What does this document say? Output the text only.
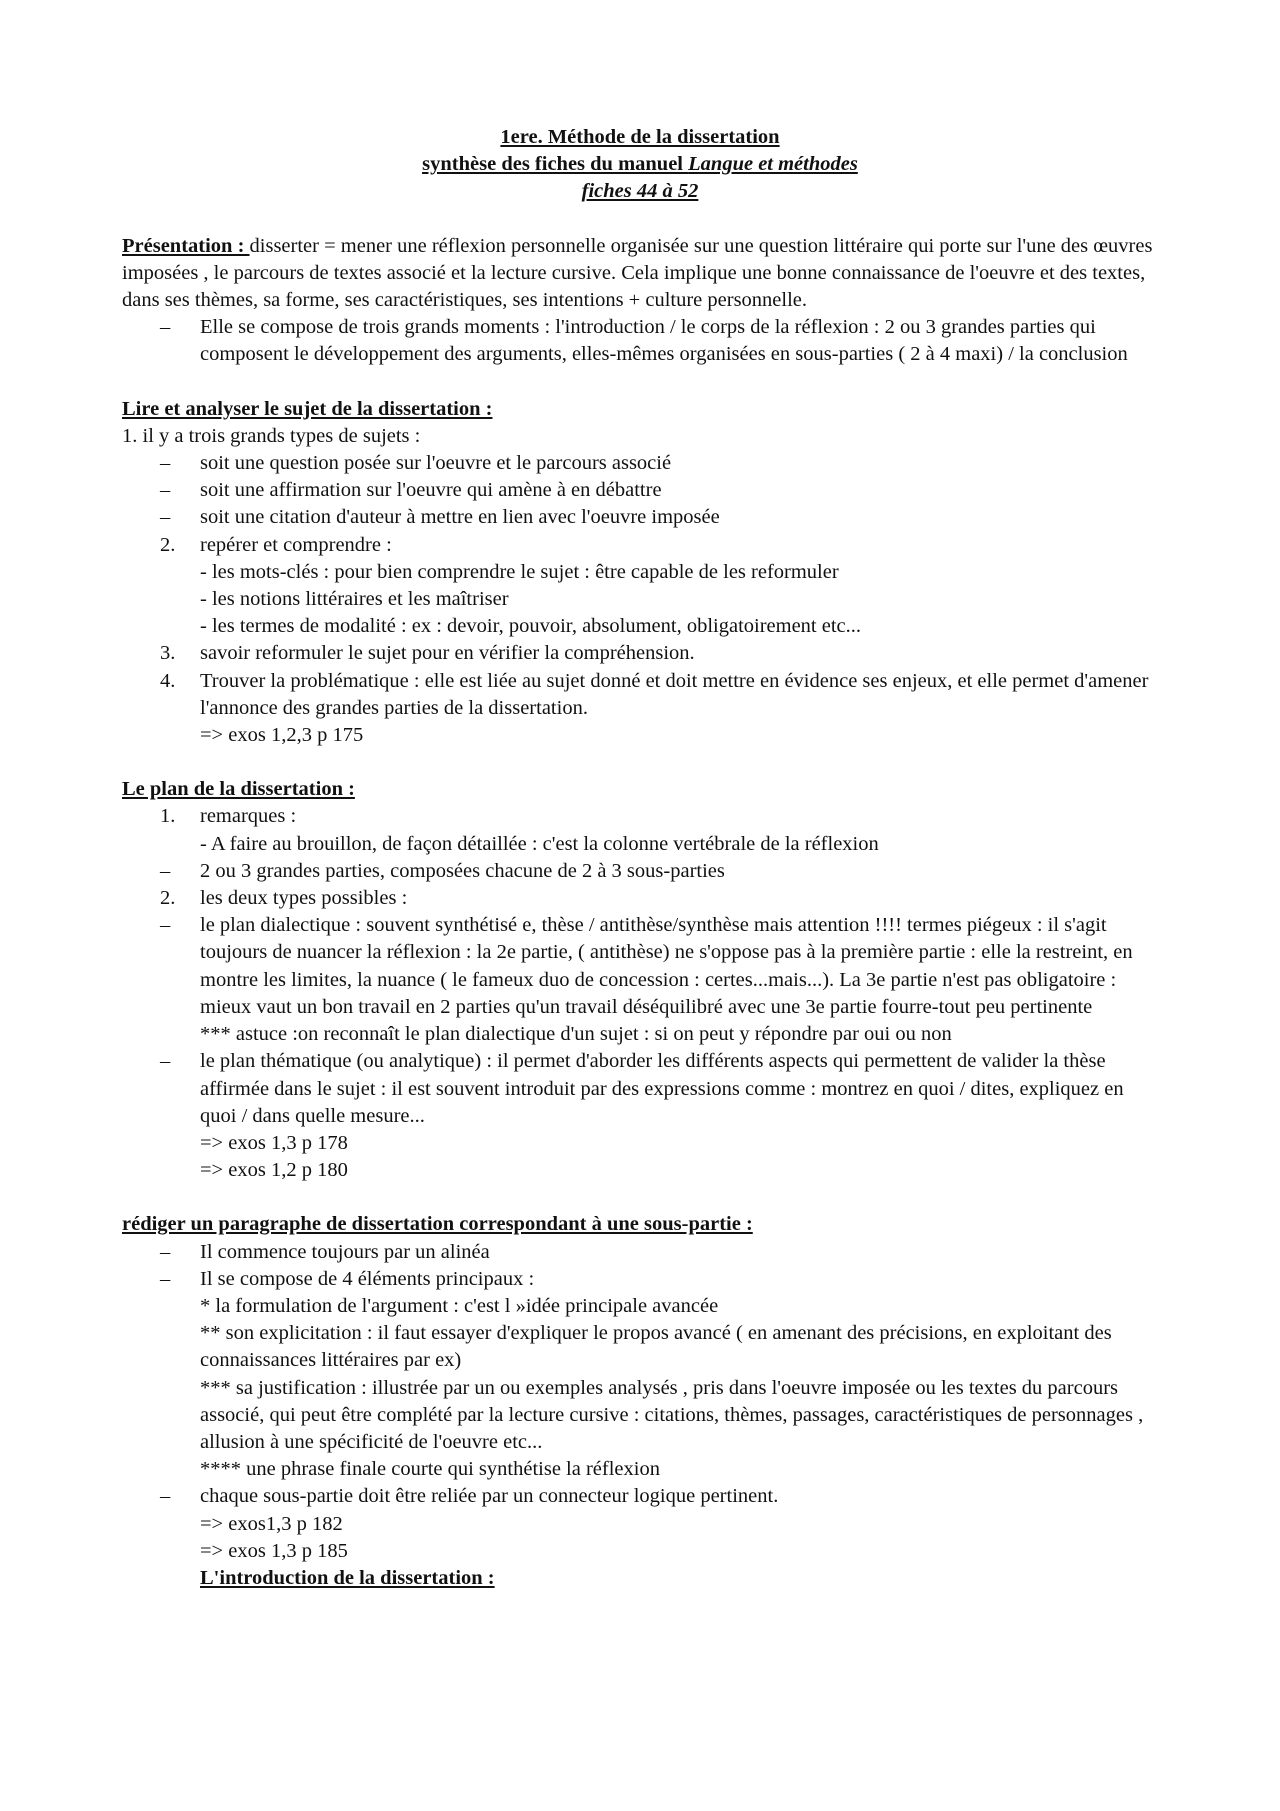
1ere. Méthode de la dissertation
synthèse des fiches du manuel Langue et méthodes
fiches 44 à 52

Présentation : disserter = mener une réflexion personnelle organisée sur une question littéraire qui porte sur l'une des œuvres imposées , le parcours de textes associé et la lecture cursive. Cela implique une bonne connaissance de l'oeuvre et des textes, dans ses thèmes, sa forme, ses caractéristiques, ses intentions + culture personnelle.

– Elle se compose de trois grands moments : l'introduction / le corps de la réflexion : 2 ou 3 grandes parties qui composent le développement des arguments, elles-mêmes organisées en sous-parties ( 2 à 4 maxi) / la conclusion

Lire et analyser le sujet de la dissertation :

1. il y a trois grands types de sujets :

– soit une question posée sur l'oeuvre et le parcours associé
– soit une affirmation sur l'oeuvre qui amène à en débattre
– soit une citation d'auteur à mettre en lien avec l'oeuvre imposée
2. repérer et comprendre :

- les mots-clés : pour bien comprendre le sujet : être capable de les reformuler

- les notions littéraires et les maîtriser

- les termes de modalité : ex : devoir, pouvoir, absolument, obligatoirement etc...

3. savoir reformuler le sujet pour en vérifier la compréhension.
4. Trouver la problématique : elle est liée au sujet donné et doit mettre en évidence ses enjeux, et elle permet d'amener l'annonce des grandes parties de la dissertation.

=> exos 1,2,3 p 175

Le plan de la dissertation :

1. remarques :

- A faire au brouillon, de façon détaillée : c'est la colonne vertébrale de la réflexion

– 2 ou 3 grandes parties, composées chacune de 2 à 3 sous-parties
2. les deux types possibles :
– le plan dialectique : souvent synthétisé e, thèse / antithèse/synthèse mais attention !!!! termes piégeux : il s'agit toujours de nuancer la réflexion : la 2e partie, ( antithèse) ne s'oppose pas à la première partie : elle la restreint, en montre les limites, la nuance ( le fameux duo de concession : certes...mais...). La 3e partie n'est pas obligatoire : mieux vaut un bon travail en 2 parties qu'un travail déséquilibré avec une 3e partie fourre-tout peu pertinente

*** astuce :on reconnaît le plan dialectique d'un sujet : si on peut y répondre par oui ou non

– le plan thématique (ou analytique) : il permet d'aborder les différents aspects qui permettent de valider la thèse affirmée dans le sujet : il est souvent introduit par des expressions comme : montrez en quoi / dites, expliquez en quoi / dans quelle mesure...

=> exos 1,3 p 178

=> exos 1,2 p 180

rédiger un paragraphe de dissertation correspondant à une sous-partie :

– Il commence toujours par un alinéa
– Il se compose de 4 éléments principaux :

* la formulation de l'argument : c'est l »idée principale avancée

** son explicitation : il faut essayer d'expliquer le propos avancé ( en amenant des précisions, en exploitant des connaissances littéraires par ex)

*** sa justification : illustrée par un ou exemples analysés , pris dans l'oeuvre imposée ou les textes du parcours associé, qui peut être complété par la lecture cursive : citations, thèmes, passages, caractéristiques de personnages , allusion à une spécificité de l'oeuvre etc...

**** une phrase finale courte qui synthétise la réflexion

– chaque sous-partie doit être reliée par un connecteur logique pertinent.

=> exos1,3 p 182

=> exos 1,3 p 185

L'introduction de la dissertation :
